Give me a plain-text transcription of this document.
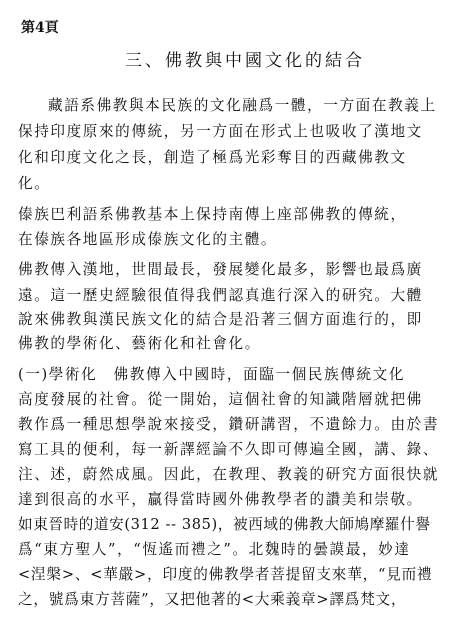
第4頁
三、佛教與中國文化的結合
藏語系佛教與本民族的文化融爲一體，一方面在教義上
保持印度原來的傳統，另一方面在形式上也吸收了漢地文
化和印度文化之長，創造了極爲光彩奪目的西藏佛教文
化。
傣族巴利語系佛教基本上保持南傳上座部佛教的傳統，
在傣族各地區形成傣族文化的主體。
佛教傳入漢地，世間最長，發展變化最多，影響也最爲廣
遠。這一歷史經驗很值得我們認真進行深入的研究。大體
說來佛教與漢民族文化的結合是沿著三個方面進行的，即
佛教的學術化、藝術化和社會化。
(一)學術化　佛教傳入中國時，面臨一個民族傳統文化
高度發展的社會。從一開始，這個社會的知識階層就把佛
教作爲一種思想學說來接受，鑽研講習，不遺餘力。由於書
寫工具的便利，每一新譯經論不久即可傳遍全國，講、錄、
注、述，蔚然成風。因此，在教理、教義的研究方面很快就
達到很高的水平，贏得當時國外佛教學者的讚美和崇敬。
如東晉時的道安(312 -- 385)，被西域的佛教大師鳩摩羅什譽
爲“東方聖人”，“恆遙而禮之”。北魏時的曇謨最，妙達
<涅槃>、<華嚴>，印度的佛教學者菩提留支來華，“見而禮
之，號爲東方菩薩”，又把他著的<大乘義章>譯爲梵文，
